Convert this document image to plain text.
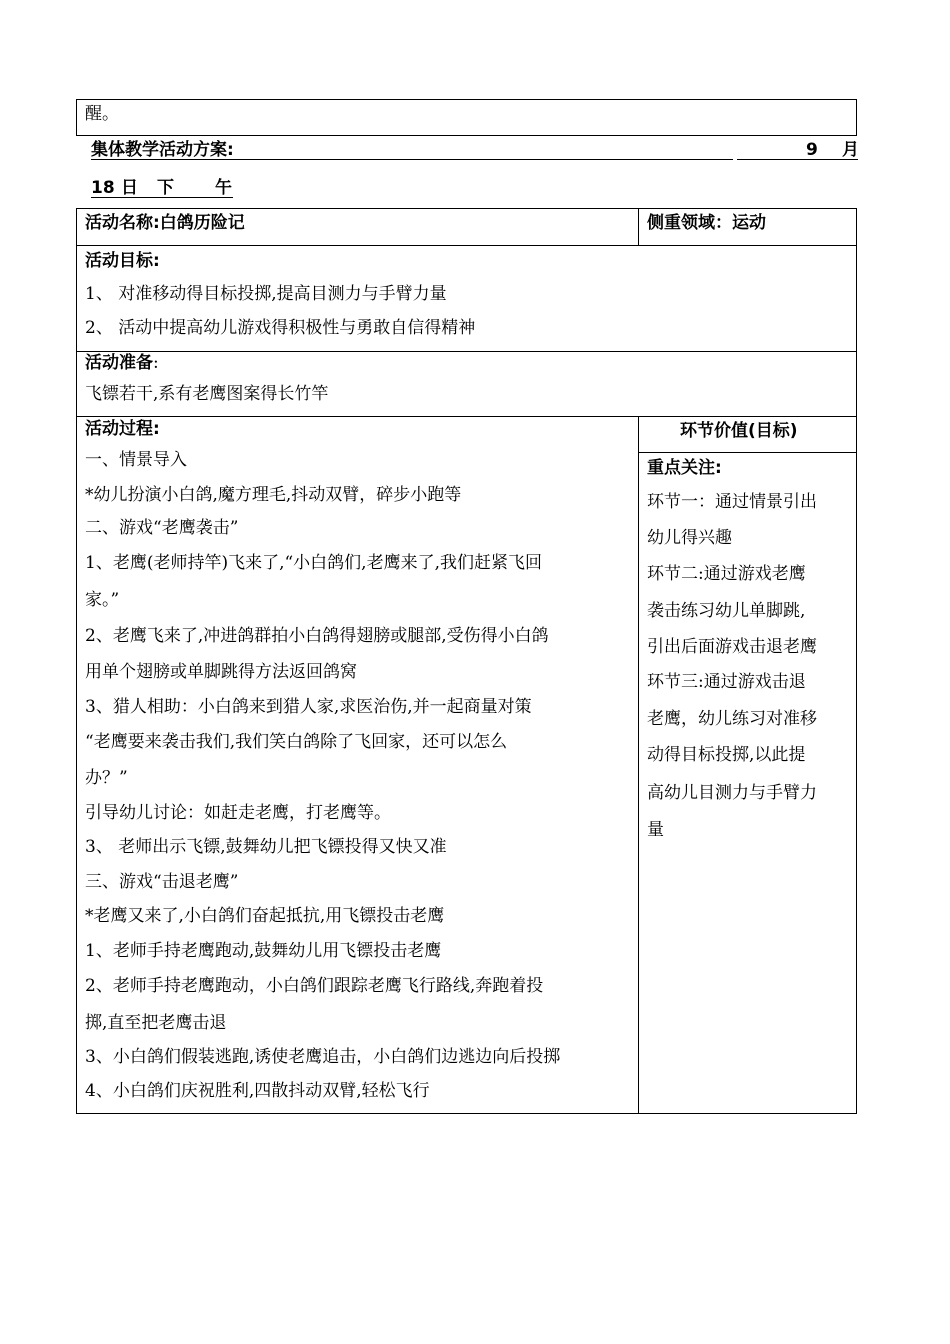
醒。
集体教学活动方案:	9 月
18 日 下 午
活动名称:白鸽历险记	侧重领域：运动
活动目标:
1、 对准移动得目标投掷,提高目测力与手臂力量
2、 活动中提高幼儿游戏得积极性与勇敢自信得精神
活动准备:
飞镖若干,系有老鹰图案得长竹竿
活动过程:	环节价值(目标)
一、情景导入
*幼儿扮演小白鸽,魔方理毛,抖动双臂，碎步小跑等
二、游戏“老鹰袭击”
1、老鹰(老师持竿)飞来了,“小白鸽们,老鹰来了,我们赶紧飞回
家。”
2、老鹰飞来了,冲进鸽群拍小白鸽得翅膀或腿部,受伤得小白鸽
用单个翅膀或单脚跳得方法返回鸽窝
3、猎人相助：小白鸽来到猎人家,求医治伤,并一起商量对策
“老鹰要来袭击我们,我们笑白鸽除了飞回家，还可以怎么
办？”
引导幼儿讨论：如赶走老鹰，打老鹰等。
3、 老师出示飞镖,鼓舞幼儿把飞镖投得又快又准
三、游戏“击退老鹰”
*老鹰又来了,小白鸽们奋起抵抗,用飞镖投击老鹰
1、老师手持老鹰跑动,鼓舞幼儿用飞镖投击老鹰
2、老师手持老鹰跑动，小白鸽们跟踪老鹰飞行路线,奔跑着投
掷,直至把老鹰击退
3、小白鸽们假装逃跑,诱使老鹰追击，小白鸽们边逃边向后投掷
4、小白鸽们庆祝胜利,四散抖动双臂,轻松飞行
重点关注:
环节一：通过情景引出
幼儿得兴趣
环节二:通过游戏老鹰
袭击练习幼儿单脚跳,
引出后面游戏击退老鹰
环节三:通过游戏击退
老鹰，幼儿练习对准移
动得目标投掷,以此提
高幼儿目测力与手臂力
量
